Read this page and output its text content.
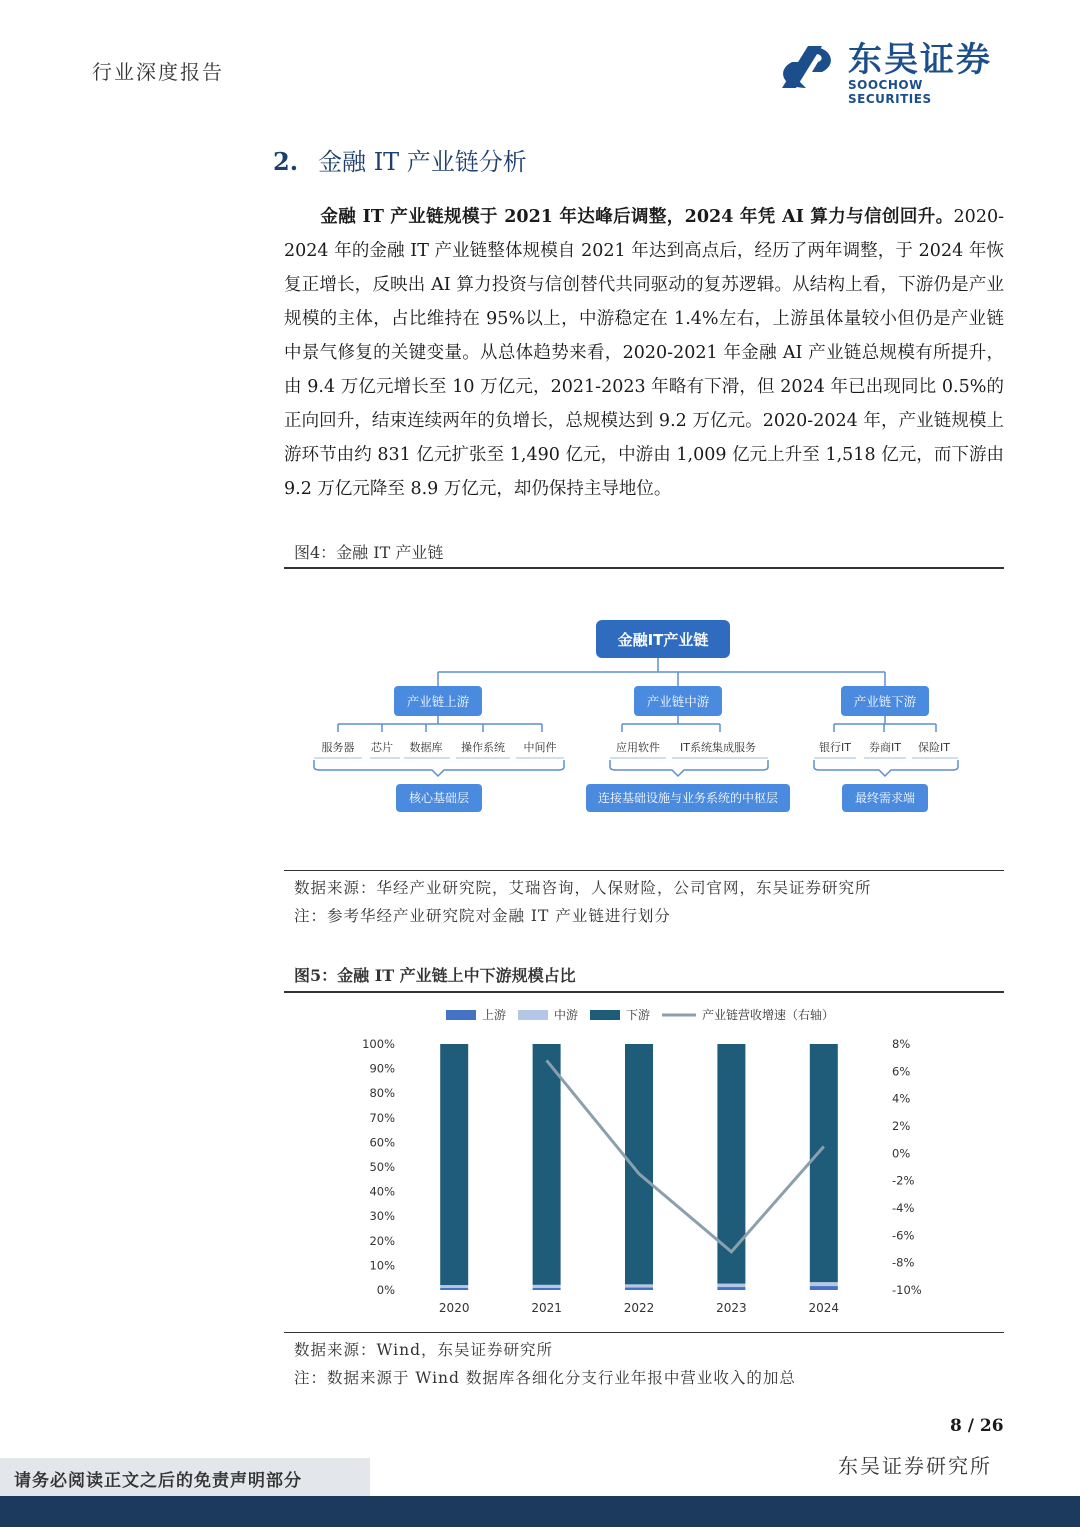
行业深度报告	东吴证券
SOOCHOW SECURITIES
2. 金融 IT 产业链分析
金融 IT 产业链规模于 2021 年达峰后调整，2024 年凭 AI 算力与信创回升。2020-2024 年的金融 IT 产业链整体规模自 2021 年达到高点后，经历了两年调整，于 2024 年恢复正增长，反映出 AI 算力投资与信创替代共同驱动的复苏逻辑。从结构上看，下游仍是产业规模的主体，占比维持在 95%以上，中游稳定在 1.4%左右，上游虽体量较小但仍是产业链中景气修复的关键变量。从总体趋势来看，2020-2021 年金融 AI 产业链总规模有所提升，由 9.4 万亿元增长至 10 万亿元，2021-2023 年略有下滑，但 2024 年已出现同比 0.5%的正向回升，结束连续两年的负增长，总规模达到 9.2 万亿元。2020-2024 年，产业链规模上游环节由约 831 亿元扩张至 1,490 亿元，中游由 1,009 亿元上升至 1,518 亿元，而下游由 9.2 万亿元降至 8.9 万亿元，却仍保持主导地位。
图4：金融 IT 产业链
金融IT产业链
产业链上游	产业链中游	产业链下游
服务器 芯片 数据库 操作系统 中间件	应用软件 IT系统集成服务	银行IT 券商IT 保险IT
核心基础层	连接基础设施与业务系统的中枢层	最终需求端
数据来源：华经产业研究院，艾瑞咨询，人保财险，公司官网，东吴证券研究所
注：参考华经产业研究院对金融 IT 产业链进行划分
图5：金融 IT 产业链上中下游规模占比
上游	中游	下游	产业链营收增速（右轴）
0%
10%
20%
30%
40%
50%
60%
70%
80%
90%
100%
-10%
-8%
-6%
-4%
-2%
0%
2%
4%
6%
8%
2020	2021	2022	2023	2024
数据来源：Wind，东吴证券研究所
注：数据来源于 Wind 数据库各细化分支行业年报中营业收入的加总
8 / 26
东吴证券研究所
请务必阅读正文之后的免责声明部分
